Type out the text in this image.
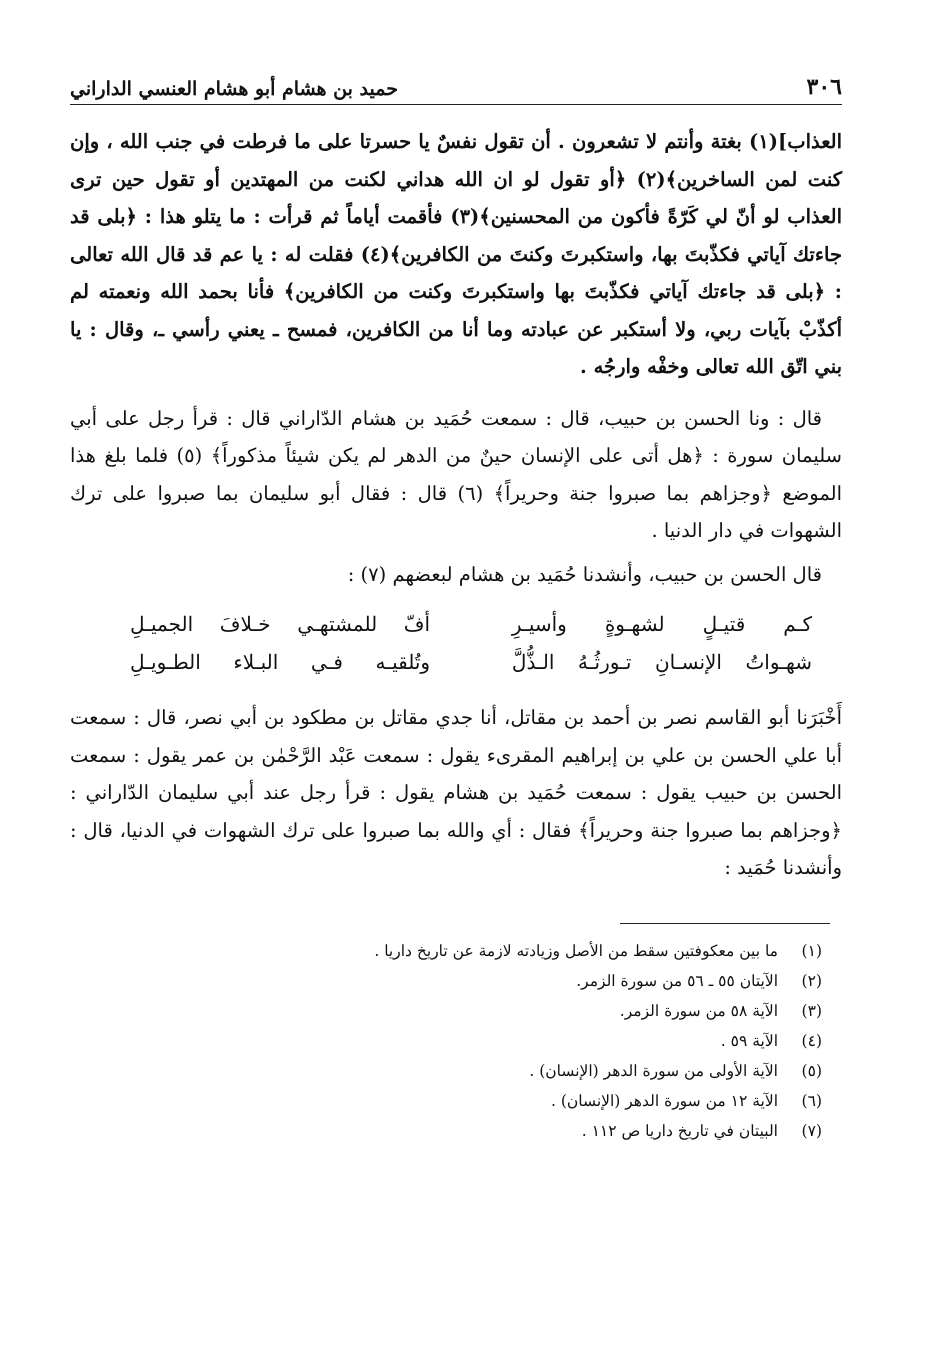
٣٠٦
حميد بن هشام أبو هشام العنسي الداراني

العذاب](١) بغتة وأنتم لا تشعرون . أن تقول نفسٌ يا حسرتا على ما فرطت في جنب الله ، وإن كنت لمن الساخرين﴾(٢) ﴿أو تقول لو ان الله هداني لكنت من المهتدين أو تقول حين ترى العذاب لو أنّ لي كَرّةً فأكون من المحسنين﴾(٣) فأقمت أياماً ثم قرأت : ما يتلو هذا : ﴿بلى قد جاءتك آياتي فكذّبتَ بها، واستكبرتَ وكنتَ من الكافرين﴾(٤) فقلت له : يا عم قد قال الله تعالى : ﴿بلى قد جاءتك آياتي فكذّبتَ بها واستكبرتَ وكنت من الكافرين﴾ فأنا بحمد الله ونعمته لم أكذّبْ بآيات ربي، ولا أستكبر عن عبادته وما أنا من الكافرين، فمسح ـ يعني رأسي ـ، وقال : يا بني اتّق الله تعالى وخفْه وارجُه .

قال : ونا الحسن بن حبيب، قال : سمعت حُمَيد بن هشام الدّاراني قال : قرأ رجل على أبي سليمان سورة : ﴿هل أتى على الإنسان حينٌ من الدهر لم يكن شيئاً مذكوراً﴾ (٥) فلما بلغ هذا الموضع ﴿وجزاهم بما صبروا جنة وحريراً﴾ (٦) قال : فقال أبو سليمان بما صبروا على ترك الشهوات في دار الدنيا .

قال الحسن بن حبيب، وأنشدنا حُمَيد بن هشام لبعضهم (٧) :

كـم قتيـلٍ لشهـوةٍ وأسيـرِ
أفّ للمشتهـي خـلافَ الجميـلِ
شهـواتُ الإنسـانِ تـورثُـهُ الـذُّلَّ
وتُلقيـه فـي البـلاء الطـويـلِ

أَخْبَرَنا أبو القاسم نصر بن أحمد بن مقاتل، أنا جدي مقاتل بن مطكود بن أبي نصر، قال : سمعت أبا علي الحسن بن علي بن إبراهيم المقرىء يقول : سمعت عَبْد الرَّحْمٰن بن عمر يقول : سمعت الحسن بن حبيب يقول : سمعت حُمَيد بن هشام يقول : قرأ رجل عند أبي سليمان الدّاراني : ﴿وجزاهم بما صبروا جنة وحريراً﴾ فقال : أي والله بما صبروا على ترك الشهوات في الدنيا، قال : وأنشدنا حُمَيد :

(١)
ما بين معكوفتين سقط من الأصل وزيادته لازمة عن تاريخ داريا .
(٢)
الآيتان ٥٥ ـ ٥٦ من سورة الزمر.
(٣)
الآية ٥٨ من سورة الزمر.
(٤)
الآية ٥٩ .
(٥)
الآية الأولى من سورة الدهر (الإنسان) .
(٦)
الآية ١٢ من سورة الدهر (الإنسان) .
(٧)
البيتان في تاريخ داريا ص ١١٢ .
